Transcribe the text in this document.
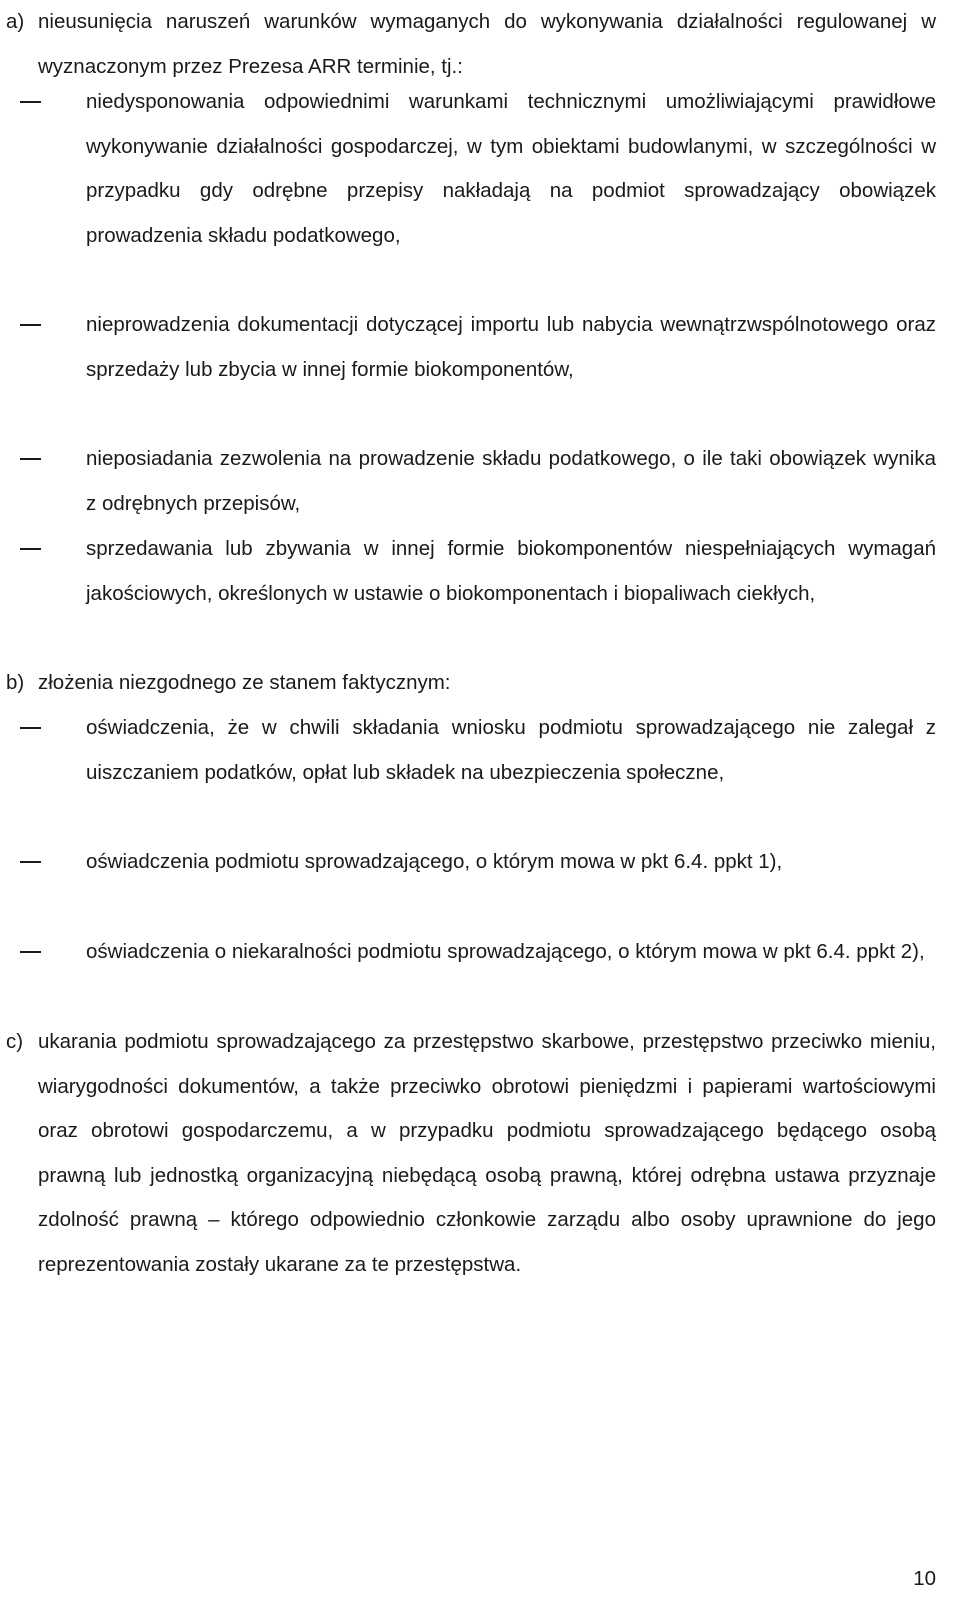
a) nieusunięcia naruszeń warunków wymaganych do wykonywania działalności regulowanej w wyznaczonym przez Prezesa ARR terminie, tj.:
niedysponowania odpowiednimi warunkami technicznymi umożliwiającymi prawidłowe wykonywanie działalności gospodarczej, w tym obiektami budowlanymi, w szczególności w przypadku gdy odrębne przepisy nakładają na podmiot sprowadzający obowiązek prowadzenia składu podatkowego,
nieprowadzenia dokumentacji dotyczącej importu lub nabycia wewnątrzwspólnotowego oraz sprzedaży lub zbycia w innej formie biokomponentów,
nieposiadania zezwolenia na prowadzenie składu podatkowego, o ile taki obowiązek wynika z odrębnych przepisów,
sprzedawania lub zbywania w innej formie biokomponentów niespełniających wymagań jakościowych, określonych w ustawie o biokomponentach i biopaliwach ciekłych,
b) złożenia niezgodnego ze stanem faktycznym:
oświadczenia, że w chwili składania wniosku podmiotu sprowadzającego nie zalegał z uiszczaniem podatków, opłat lub składek na ubezpieczenia społeczne,
oświadczenia podmiotu sprowadzającego, o którym mowa w pkt 6.4. ppkt 1),
oświadczenia o niekaralności podmiotu sprowadzającego, o którym mowa w pkt 6.4. ppkt 2),
c) ukarania podmiotu sprowadzającego za przestępstwo skarbowe, przestępstwo przeciwko mieniu, wiarygodności dokumentów, a także przeciwko obrotowi pieniędzmi i papierami wartościowymi oraz obrotowi gospodarczemu, a w przypadku podmiotu sprowadzającego będącego osobą prawną lub jednostką organizacyjną niebędącą osobą prawną, której odrębna ustawa przyznaje zdolność prawną – którego odpowiednio członkowie zarządu albo osoby uprawnione do jego reprezentowania zostały ukarane za te przestępstwa.
10
